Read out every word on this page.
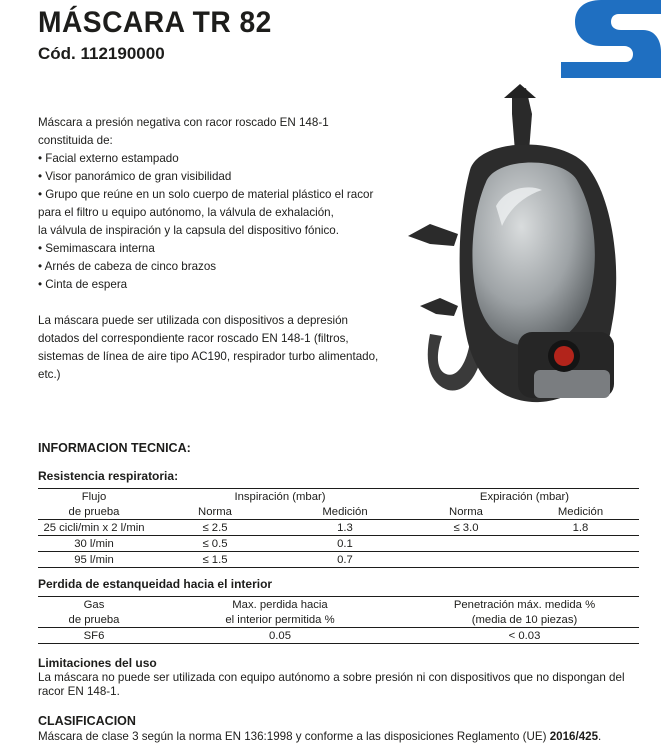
MÁSCARA TR 82
Cód. 112190000

Máscara a presión negativa con racor roscado EN 148-1 constituida de:

• Facial externo estampado

• Visor panorámico de gran visibilidad

• Grupo que reúne en un solo cuerpo de material plástico el racor

para el filtro u equipo autónomo, la válvula de exhalación,

la válvula de inspiración y la capsula del dispositivo fónico.

• Semimascara interna

• Arnés de cabeza de cinco brazos

• Cinta de espera

La máscara puede ser utilizada con dispositivos a depresión dotados del correspondiente racor roscado EN 148-1 (filtros, sistemas de línea de aire tipo AC190, respirador turbo alimentado, etc.)

INFORMACION TECNICA:
Resistencia respiratoria:
Flujo	Inspiración (mbar)		Expiración (mbar)	
de prueba	Norma	Medición	Norma	Medición
25 cicli/min x 2 l/min	≤ 2.5	1.3	≤ 3.0	1.8
30 l/min	≤ 0.5	0.1		
95 l/min	≤ 1.5	0.7		
Perdida de estanqueidad hacia el interior
Gas	Max. perdida hacia	Penetración máx. medida %
de prueba	el interior permitida %	(media de 10 piezas)
SF6	0.05	< 0.03
Limitaciones del uso
La máscara no puede ser utilizada con equipo autónomo a sobre presión ni con dispositivos que no dispongan del racor EN 148-1.
CLASIFICACION
Máscara de clase 3 según la norma EN 136:1998 y conforme a las disposiciones Reglamento (UE) 2016/425.
